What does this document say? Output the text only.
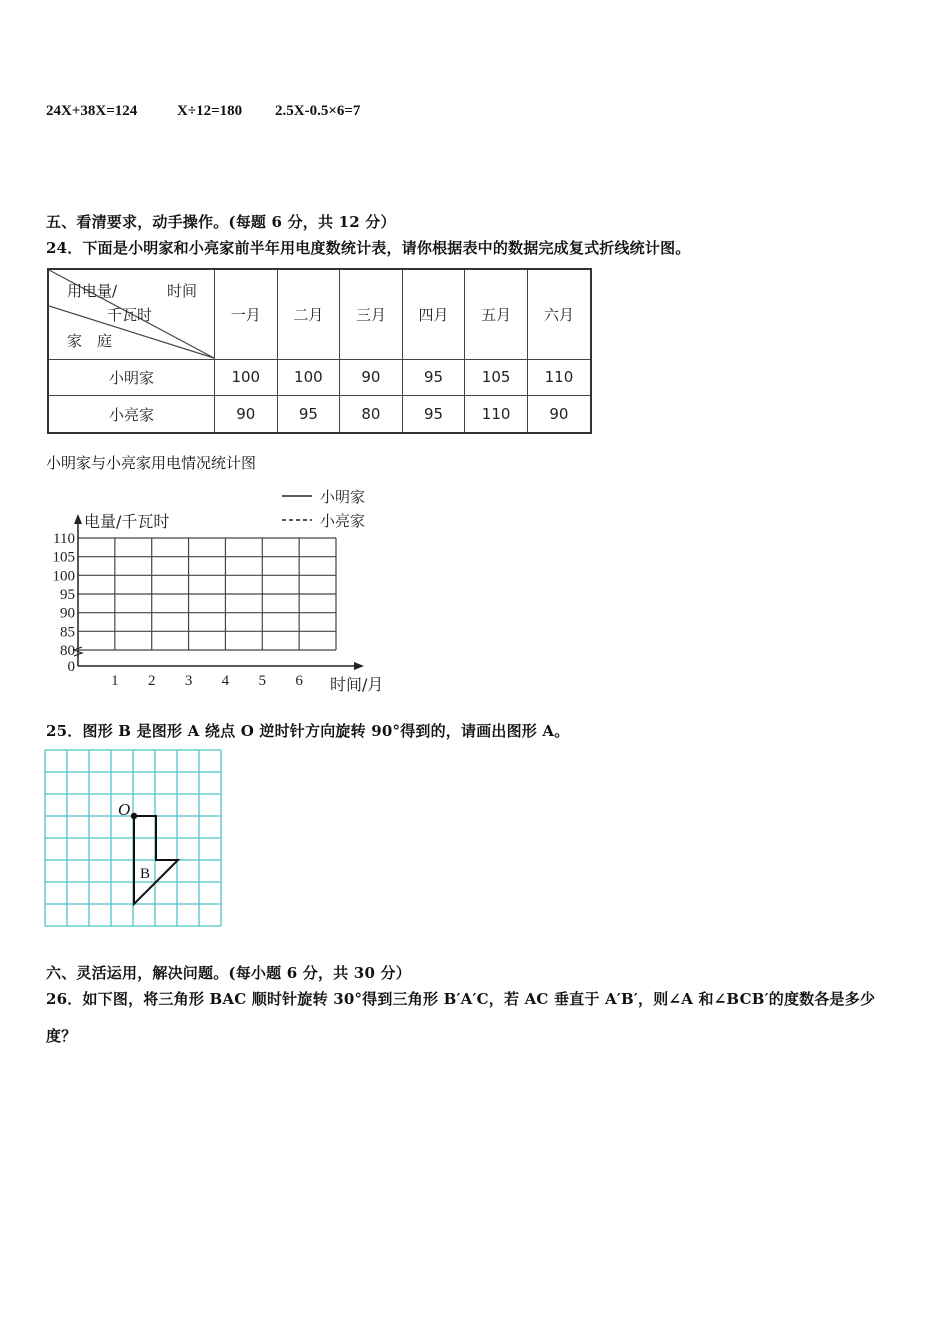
24X+38X=124	X÷12=180 2.5X-0.5×6=7
五、看清要求，动手操作。(每题 6 分，共 12 分）
24．下面是小明家和小亮家前半年用电度数统计表，请你根据表中的数据完成复式折线统计图。
用电量/ 时间
千瓦时
家　庭	一月	二月	三月	四月	五月	六月
小明家	100	100	90	95	105	110
小亮家	90	95	80	95	110	90
小明家与小亮家用电情况统计图
0
80
85
90
95
100
105
110
1 2 3 4 5 6
小明家
小亮家
电量/千瓦时
时间/月
25．图形 B 是图形 A 绕点 O 逆时针方向旋转 90°得到的，请画出图形 A。
O
B
六、灵活运用，解决问题。(每小题 6 分，共 30 分）
26．如下图，将三角形 BAC 顺时针旋转 30°得到三角形 B′A′C，若 AC 垂直于 A′B′，则∠A 和∠BCB′的度数各是多少
度？
